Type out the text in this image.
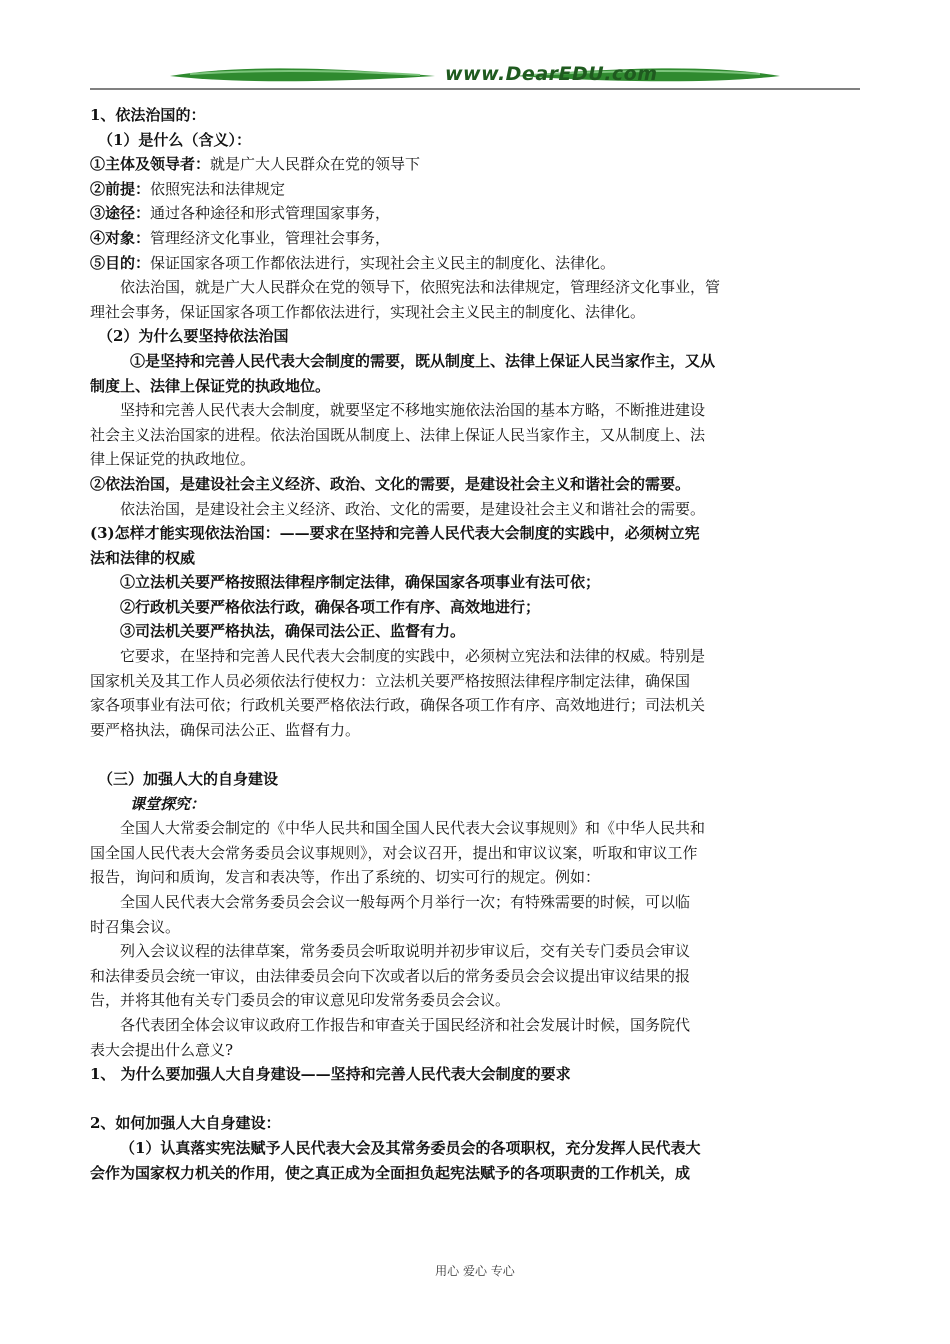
www.DearEDU.com
1、依法治国的：
（1）是什么（含义）：
①主体及领导者：就是广大人民群众在党的领导下
②前提：依照宪法和法律规定
③途径：通过各种途径和形式管理国家事务，
④对象：管理经济文化事业，管理社会事务，
⑤目的：保证国家各项工作都依法进行，实现社会主义民主的制度化、法律化。
依法治国，就是广大人民群众在党的领导下，依照宪法和法律规定，管理经济文化事业，管
理社会事务，保证国家各项工作都依法进行，实现社会主义民主的制度化、法律化。
（2）为什么要坚持依法治国
①是坚持和完善人民代表大会制度的需要，既从制度上、法律上保证人民当家作主，又从
制度上、法律上保证党的执政地位。
坚持和完善人民代表大会制度，就要坚定不移地实施依法治国的基本方略，不断推进建设
社会主义法治国家的进程。依法治国既从制度上、法律上保证人民当家作主，又从制度上、法
律上保证党的执政地位。
②依法治国，是建设社会主义经济、政治、文化的需要，是建设社会主义和谐社会的需要。
依法治国，是建设社会主义经济、政治、文化的需要，是建设社会主义和谐社会的需要。
(3)怎样才能实现依法治国：——要求在坚持和完善人民代表大会制度的实践中，必须树立宪
法和法律的权威
①立法机关要严格按照法律程序制定法律，确保国家各项事业有法可依；
②行政机关要严格依法行政，确保各项工作有序、高效地进行；
③司法机关要严格执法，确保司法公正、监督有力。
它要求，在坚持和完善人民代表大会制度的实践中，必须树立宪法和法律的权威。特别是
国家机关及其工作人员必须依法行使权力：立法机关要严格按照法律程序制定法律，确保国
家各项事业有法可依；行政机关要严格依法行政，确保各项工作有序、高效地进行；司法机关
要严格执法，确保司法公正、监督有力。
（三）加强人大的自身建设
课堂探究：
全国人大常委会制定的《中华人民共和国全国人民代表大会议事规则》和《中华人民共和
国全国人民代表大会常务委员会议事规则》，对会议召开，提出和审议议案，听取和审议工作
报告，询问和质询，发言和表决等，作出了系统的、切实可行的规定。例如：
全国人民代表大会常务委员会会议一般每两个月举行一次；有特殊需要的时候，可以临
时召集会议。
列入会议议程的法律草案，常务委员会听取说明并初步审议后，交有关专门委员会审议
和法律委员会统一审议，由法律委员会向下次或者以后的常务委员会会议提出审议结果的报
告，并将其他有关专门委员会的审议意见印发常务委员会会议。
各代表团全体会议审议政府工作报告和审查关于国民经济和社会发展计时候，国务院代
表大会提出什么意义?
1、 为什么要加强人大自身建设——坚持和完善人民代表大会制度的要求
2、如何加强人大自身建设：
（1）认真落实宪法赋予人民代表大会及其常务委员会的各项职权，充分发挥人民代表大
会作为国家权力机关的作用，使之真正成为全面担负起宪法赋予的各项职责的工作机关，成
用心 爱心 专心
